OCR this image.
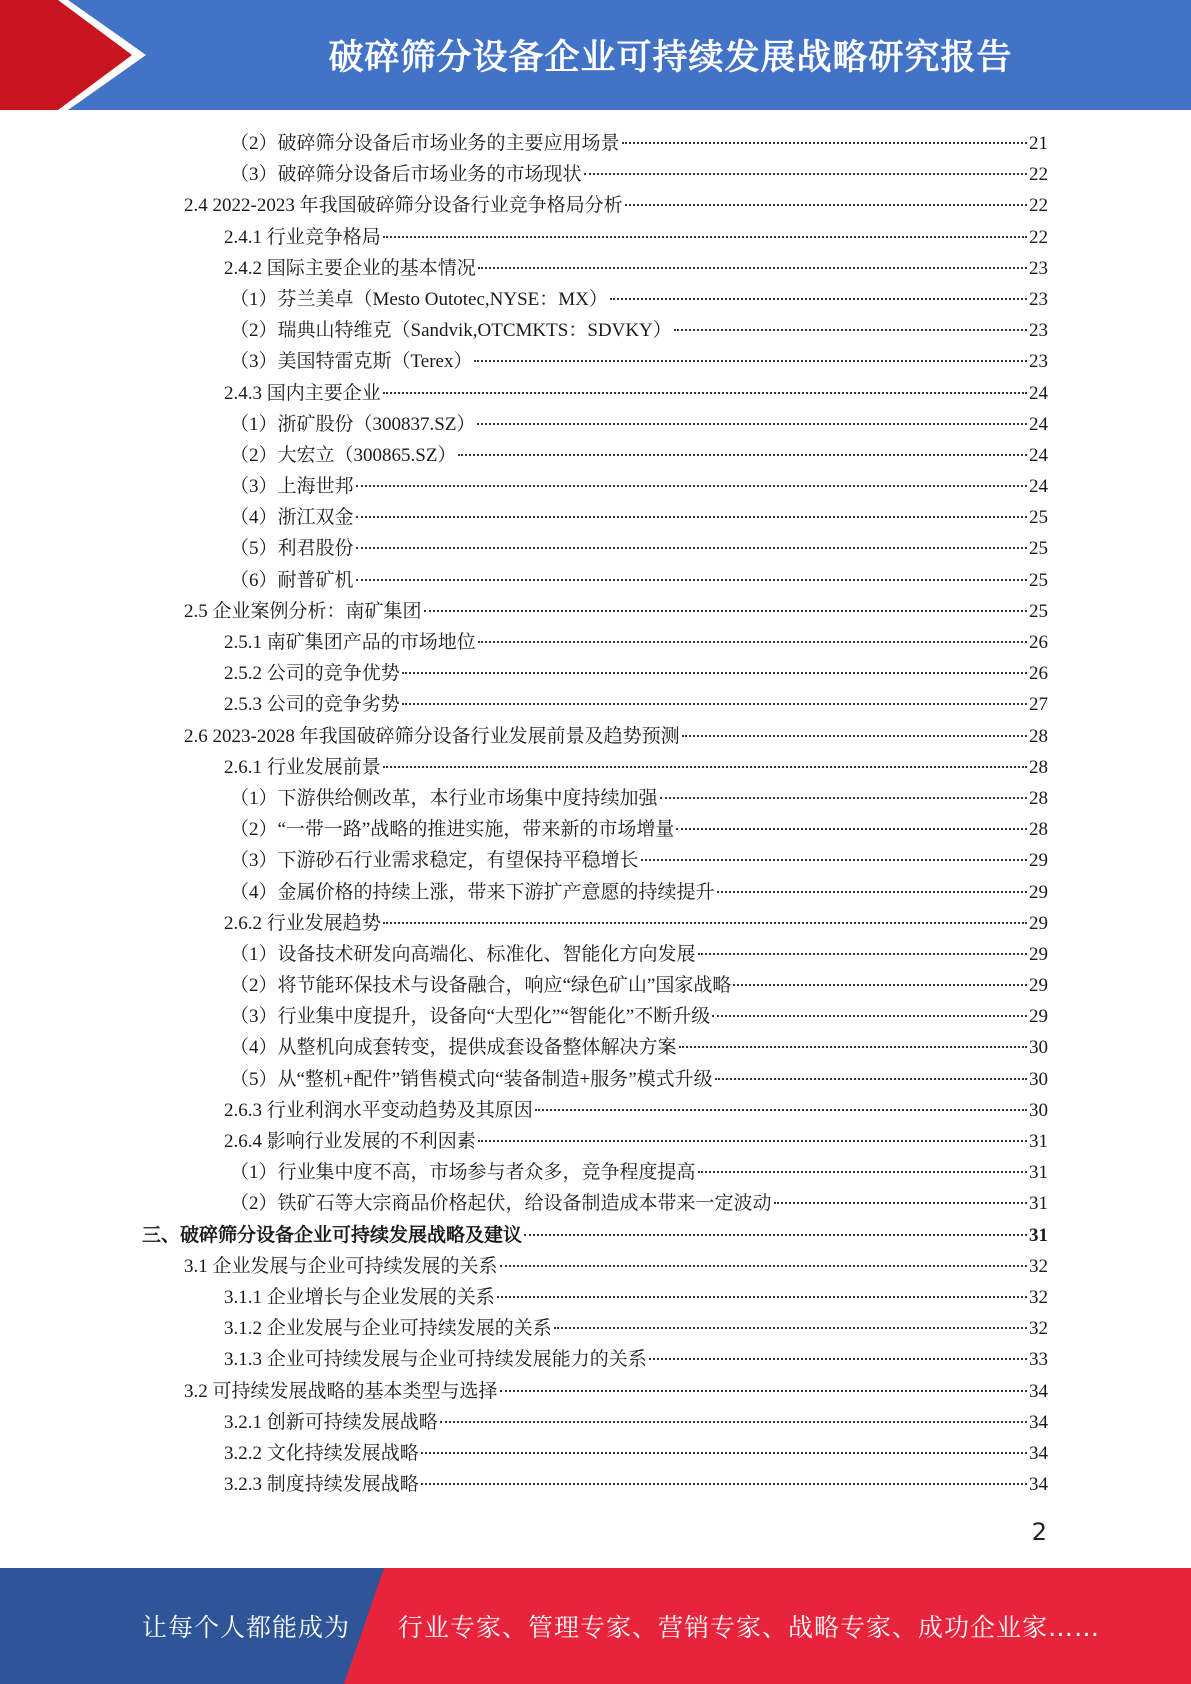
破碎筛分设备企业可持续发展战略研究报告
（2）破碎筛分设备后市场业务的主要应用场景	21
（3）破碎筛分设备后市场业务的市场现状	22
2.4 2022-2023 年我国破碎筛分设备行业竞争格局分析	22
2.4.1 行业竞争格局	22
2.4.2 国际主要企业的基本情况	23
（1）芬兰美卓（Mesto Outotec,NYSE：MX）	23
（2）瑞典山特维克（Sandvik,OTCMKTS：SDVKY）	23
（3）美国特雷克斯（Terex）	23
2.4.3 国内主要企业	24
（1）浙矿股份（300837.SZ）	24
（2）大宏立（300865.SZ）	24
（3）上海世邦	24
（4）浙江双金	25
（5）利君股份	25
（6）耐普矿机	25
2.5 企业案例分析：南矿集团	25
2.5.1 南矿集团产品的市场地位	26
2.5.2 公司的竞争优势	26
2.5.3 公司的竞争劣势	27
2.6 2023-2028 年我国破碎筛分设备行业发展前景及趋势预测	28
2.6.1 行业发展前景	28
（1）下游供给侧改革，本行业市场集中度持续加强	28
（2）“一带一路”战略的推进实施，带来新的市场增量	28
（3）下游砂石行业需求稳定，有望保持平稳增长	29
（4）金属价格的持续上涨，带来下游扩产意愿的持续提升	29
2.6.2 行业发展趋势	29
（1）设备技术研发向高端化、标准化、智能化方向发展	29
（2）将节能环保技术与设备融合，响应“绿色矿山”国家战略	29
（3）行业集中度提升，设备向“大型化”“智能化”不断升级	29
（4）从整机向成套转变，提供成套设备整体解决方案	30
（5）从“整机+配件”销售模式向“装备制造+服务”模式升级	30
2.6.3 行业利润水平变动趋势及其原因	30
2.6.4 影响行业发展的不利因素	31
（1）行业集中度不高，市场参与者众多，竞争程度提高	31
（2）铁矿石等大宗商品价格起伏，给设备制造成本带来一定波动	31
三、破碎筛分设备企业可持续发展战略及建议	31
3.1 企业发展与企业可持续发展的关系	32
3.1.1 企业增长与企业发展的关系	32
3.1.2 企业发展与企业可持续发展的关系	32
3.1.3 企业可持续发展与企业可持续发展能力的关系	33
3.2 可持续发展战略的基本类型与选择	34
3.2.1 创新可持续发展战略	34
3.2.2 文化持续发展战略	34
3.2.3 制度持续发展战略	34
2
让每个人都能成为 行业专家、管理专家、营销专家、战略专家、成功企业家……
